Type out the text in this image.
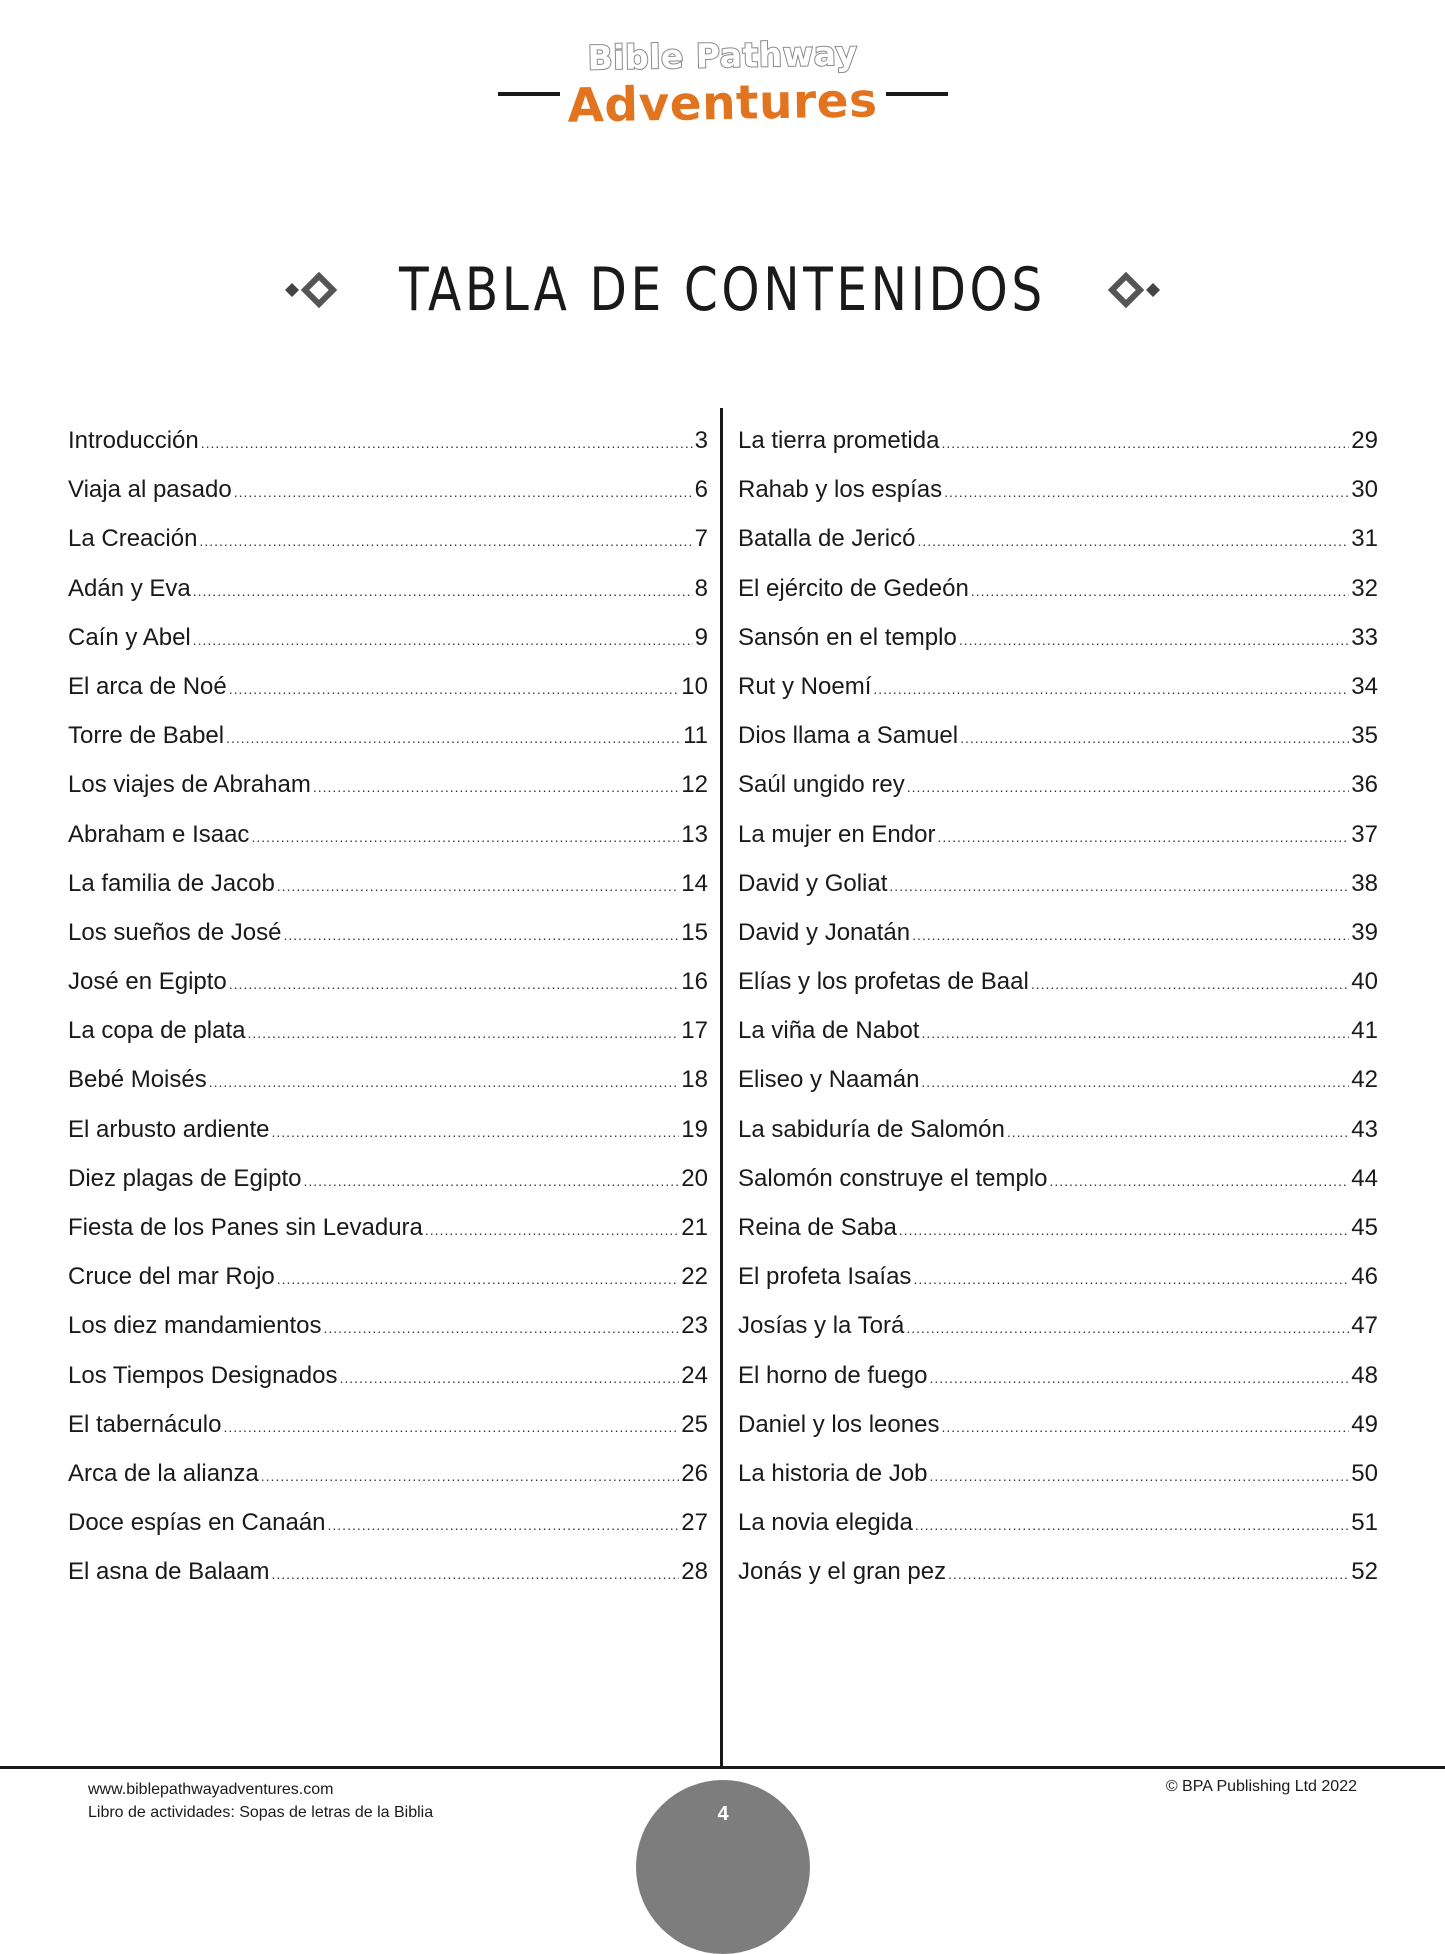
Bible Pathway
Adventures
TABLA DE CONTENIDOS
Introducción .....	3
Viaja al pasado .....	6
La Creación .....	7
Adán y Eva .....	8
Caín y Abel .....	9
El arca de Noé .....	10
Torre de Babel .....	11
Los viajes de Abraham .....	12
Abraham e Isaac .....	13
La familia de Jacob .....	14
Los sueños de José .....	15
José en Egipto .....	16
La copa de plata .....	17
Bebé Moisés .....	18
El arbusto ardiente .....	19
Diez plagas de Egipto .....	20
Fiesta de los Panes sin Levadura .....	21
Cruce del mar Rojo .....	22
Los diez mandamientos .....	23
Los Tiempos Designados .....	24
El tabernáculo .....	25
Arca de la alianza .....	26
Doce espías en Canaán .....	27
El asna de Balaam .....	28
La tierra prometida .....	29
Rahab y los espías .....	30
Batalla de Jericó .....	31
El ejército de Gedeón .....	32
Sansón en el templo .....	33
Rut y Noemí .....	34
Dios llama a Samuel .....	35
Saúl ungido rey .....	36
La mujer en Endor .....	37
David y Goliat .....	38
David y Jonatán .....	39
Elías y los profetas de Baal .....	40
La viña de Nabot .....	41
Eliseo y Naamán .....	42
La sabiduría de Salomón .....	43
Salomón construye el templo .....	44
Reina de Saba .....	45
El profeta Isaías .....	46
Josías y la Torá .....	47
El horno de fuego .....	48
Daniel y los leones .....	49
La historia de Job .....	50
La novia elegida .....	51
Jonás y el gran pez .....	52
www.biblepathwayadventures.com
Libro de actividades: Sopas de letras de la Biblia
© BPA Publishing Ltd 2022
4
